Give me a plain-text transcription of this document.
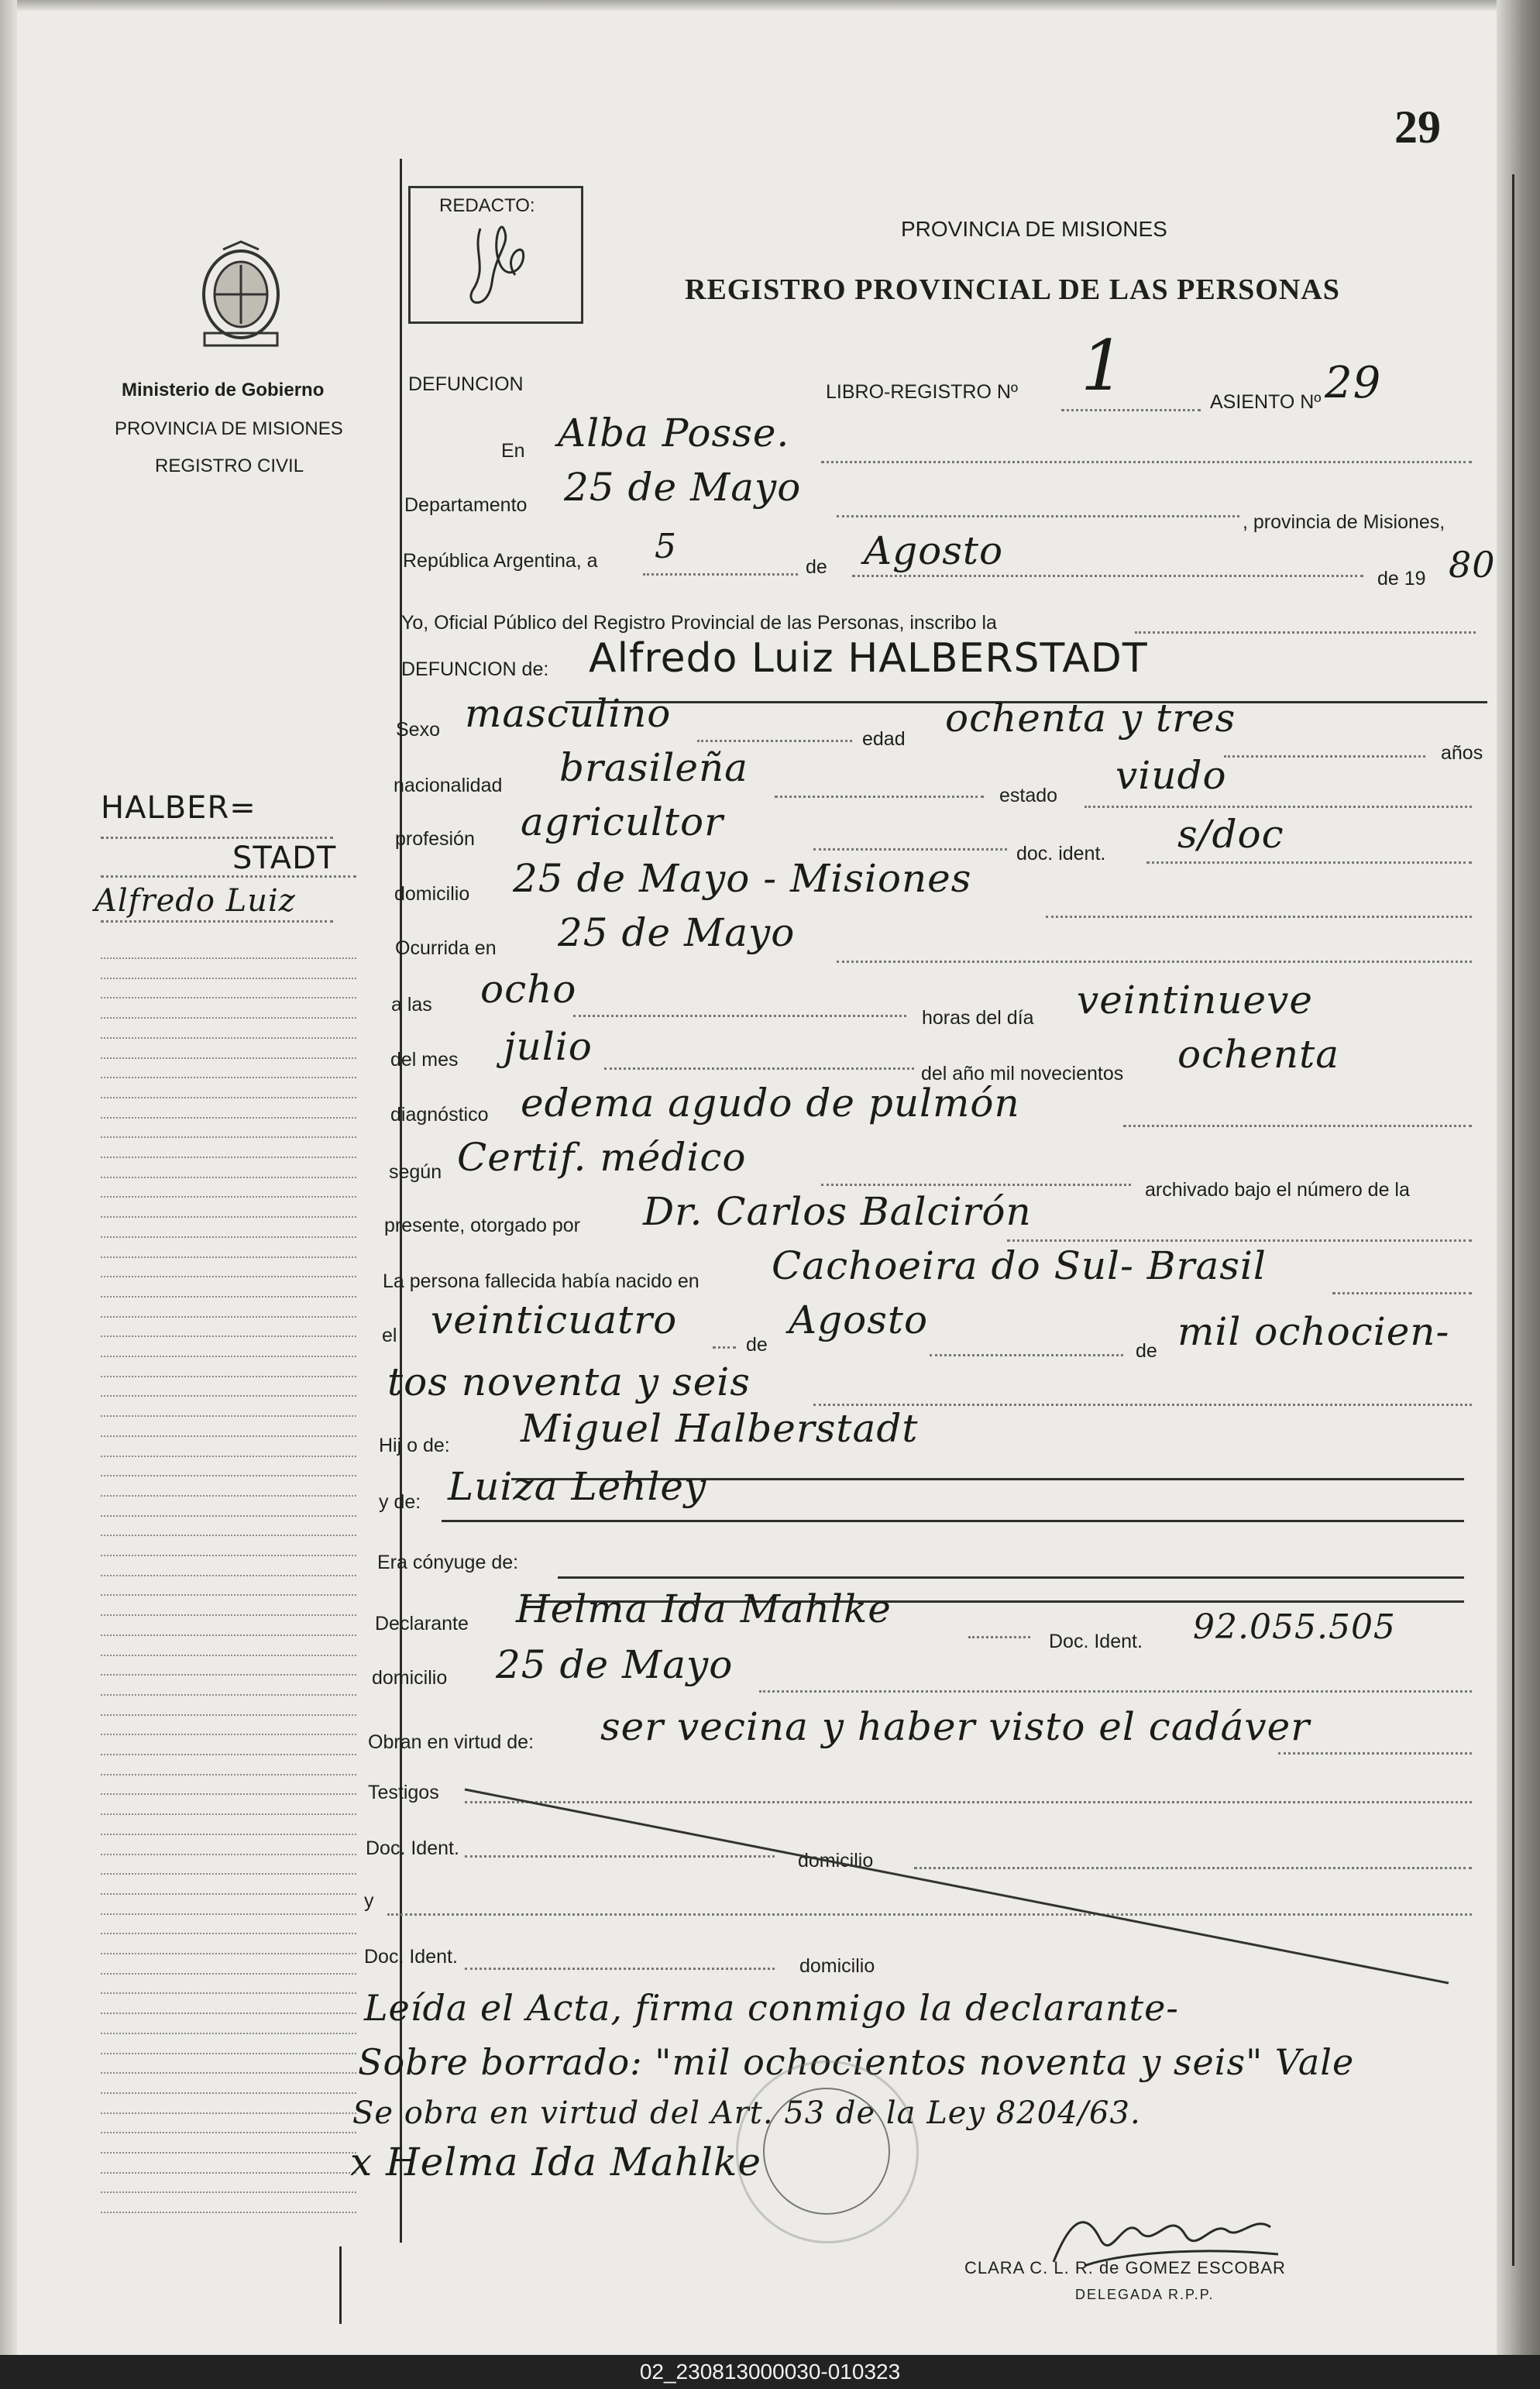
29
Ministerio de Gobierno
PROVINCIA DE MISIONES
REGISTRO CIVIL
HALBER=
STADT
Alfredo Luiz
REDACTO:
PROVINCIA DE MISIONES
REGISTRO PROVINCIAL DE LAS PERSONAS
DEFUNCION	LIBRO-REGISTRO Nº 1	ASIENTO Nº 29
En Alba Posse.
Departamento 25 de Mayo
, provincia de Misiones,
República Argentina, a 5
de Agosto
de 19 80
Yo, Oficial Público del Registro Provincial de las Personas, inscribo la
DEFUNCION de: Alfredo Luiz HALBERSTADT
Sexo masculino
edad ochenta y tres
años
nacionalidad brasileña
estado viudo
profesión agricultor
doc. ident. s/doc
domicilio 25 de Mayo - Misiones
Ocurrida en 25 de Mayo
a las ocho
horas del día veintinueve
del mes julio
del año mil novecientos ochenta
diagnóstico edema agudo de pulmón
según Certif. médico
archivado bajo el número de la
presente, otorgado por Dr. Carlos Balcirón
La persona fallecida había nacido en Cachoeira do Sul- Brasil
el veinticuatro
de
Agosto
de mil ochocien-
tos noventa y seis
Hij o de: Miguel Halberstadt
y de: Luiza Lehley
Era cónyuge de:
Declarante Helma Ida Mahlke
Doc. Ident. 92.055.505
domicilio 25 de Mayo
Obran en virtud de: ser vecina y haber visto el cadáver
Testigos
Doc. Ident.
domicilio
y
Doc. Ident.	domicilio
Leída el Acta, firma conmigo la declarante-
Sobre borrado: "mil ochocientos noventa y seis" Vale
Se obra en virtud del Art. 53 de la Ley 8204/63.
x Helma Ida Mahlke
CLARA C. L. R. de GOMEZ ESCOBAR
DELEGADA R.P.P.
02_230813000030-010323
